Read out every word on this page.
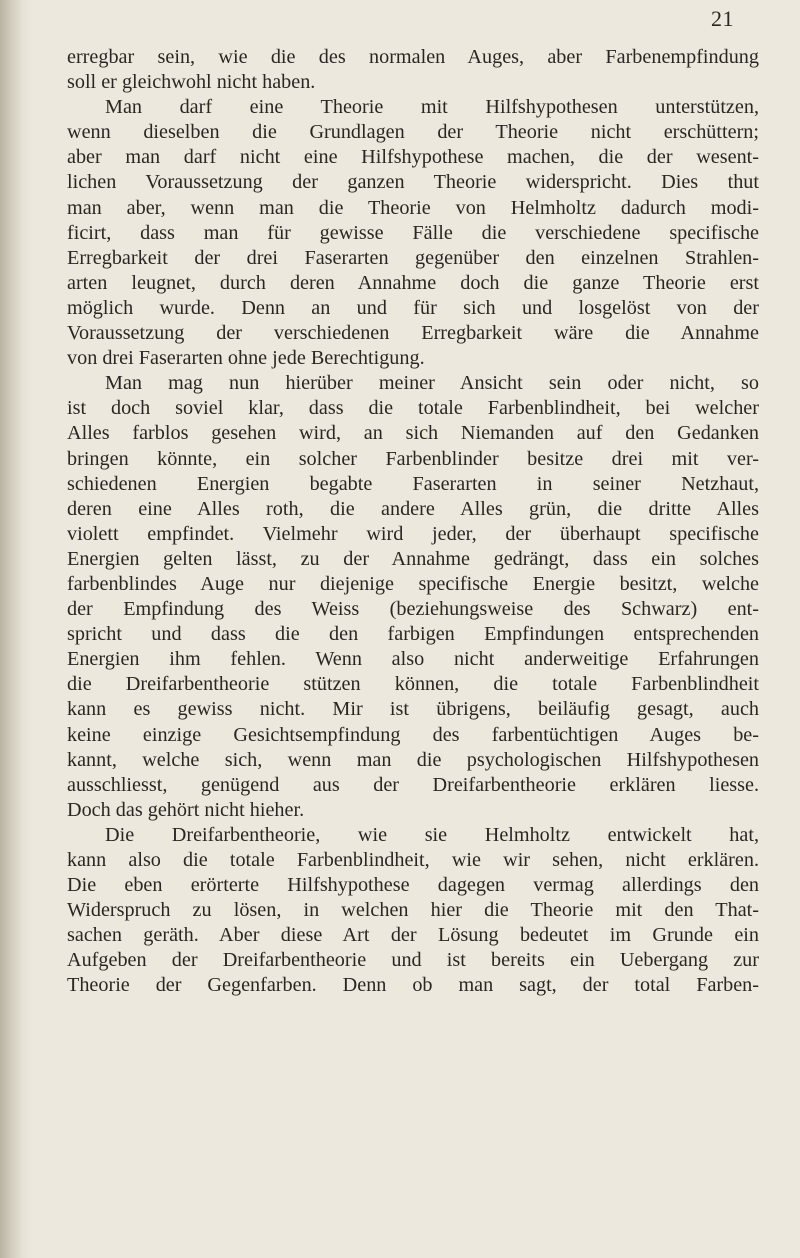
21
erregbar sein, wie die des normalen Auges, aber Farbenempfindung
soll er gleichwohl nicht haben.
Man darf eine Theorie mit Hilfshypothesen unterstützen,
wenn dieselben die Grundlagen der Theorie nicht erschüttern;
aber man darf nicht eine Hilfshypothese machen, die der wesent-
lichen Voraussetzung der ganzen Theorie widerspricht. Dies thut
man aber, wenn man die Theorie von Helmholtz dadurch modi-
ficirt, dass man für gewisse Fälle die verschiedene specifische
Erregbarkeit der drei Faserarten gegenüber den einzelnen Strahlen-
arten leugnet, durch deren Annahme doch die ganze Theorie erst
möglich wurde. Denn an und für sich und losgelöst von der
Voraussetzung der verschiedenen Erregbarkeit wäre die Annahme
von drei Faserarten ohne jede Berechtigung.
Man mag nun hierüber meiner Ansicht sein oder nicht, so
ist doch soviel klar, dass die totale Farbenblindheit, bei welcher
Alles farblos gesehen wird, an sich Niemanden auf den Gedanken
bringen könnte, ein solcher Farbenblinder besitze drei mit ver-
schiedenen Energien begabte Faserarten in seiner Netzhaut,
deren eine Alles roth, die andere Alles grün, die dritte Alles
violett empfindet. Vielmehr wird jeder, der überhaupt specifische
Energien gelten lässt, zu der Annahme gedrängt, dass ein solches
farbenblindes Auge nur diejenige specifische Energie besitzt, welche
der Empfindung des Weiss (beziehungsweise des Schwarz) ent-
spricht und dass die den farbigen Empfindungen entsprechenden
Energien ihm fehlen. Wenn also nicht anderweitige Erfahrungen
die Dreifarbentheorie stützen können, die totale Farbenblindheit
kann es gewiss nicht. Mir ist übrigens, beiläufig gesagt, auch
keine einzige Gesichtsempfindung des farbentüchtigen Auges be-
kannt, welche sich, wenn man die psychologischen Hilfshypothesen
ausschliesst, genügend aus der Dreifarbentheorie erklären liesse.
Doch das gehört nicht hieher.
Die Dreifarbentheorie, wie sie Helmholtz entwickelt hat,
kann also die totale Farbenblindheit, wie wir sehen, nicht erklären.
Die eben erörterte Hilfshypothese dagegen vermag allerdings den
Widerspruch zu lösen, in welchen hier die Theorie mit den That-
sachen geräth. Aber diese Art der Lösung bedeutet im Grunde ein
Aufgeben der Dreifarbentheorie und ist bereits ein Uebergang zur
Theorie der Gegenfarben. Denn ob man sagt, der total Farben-
